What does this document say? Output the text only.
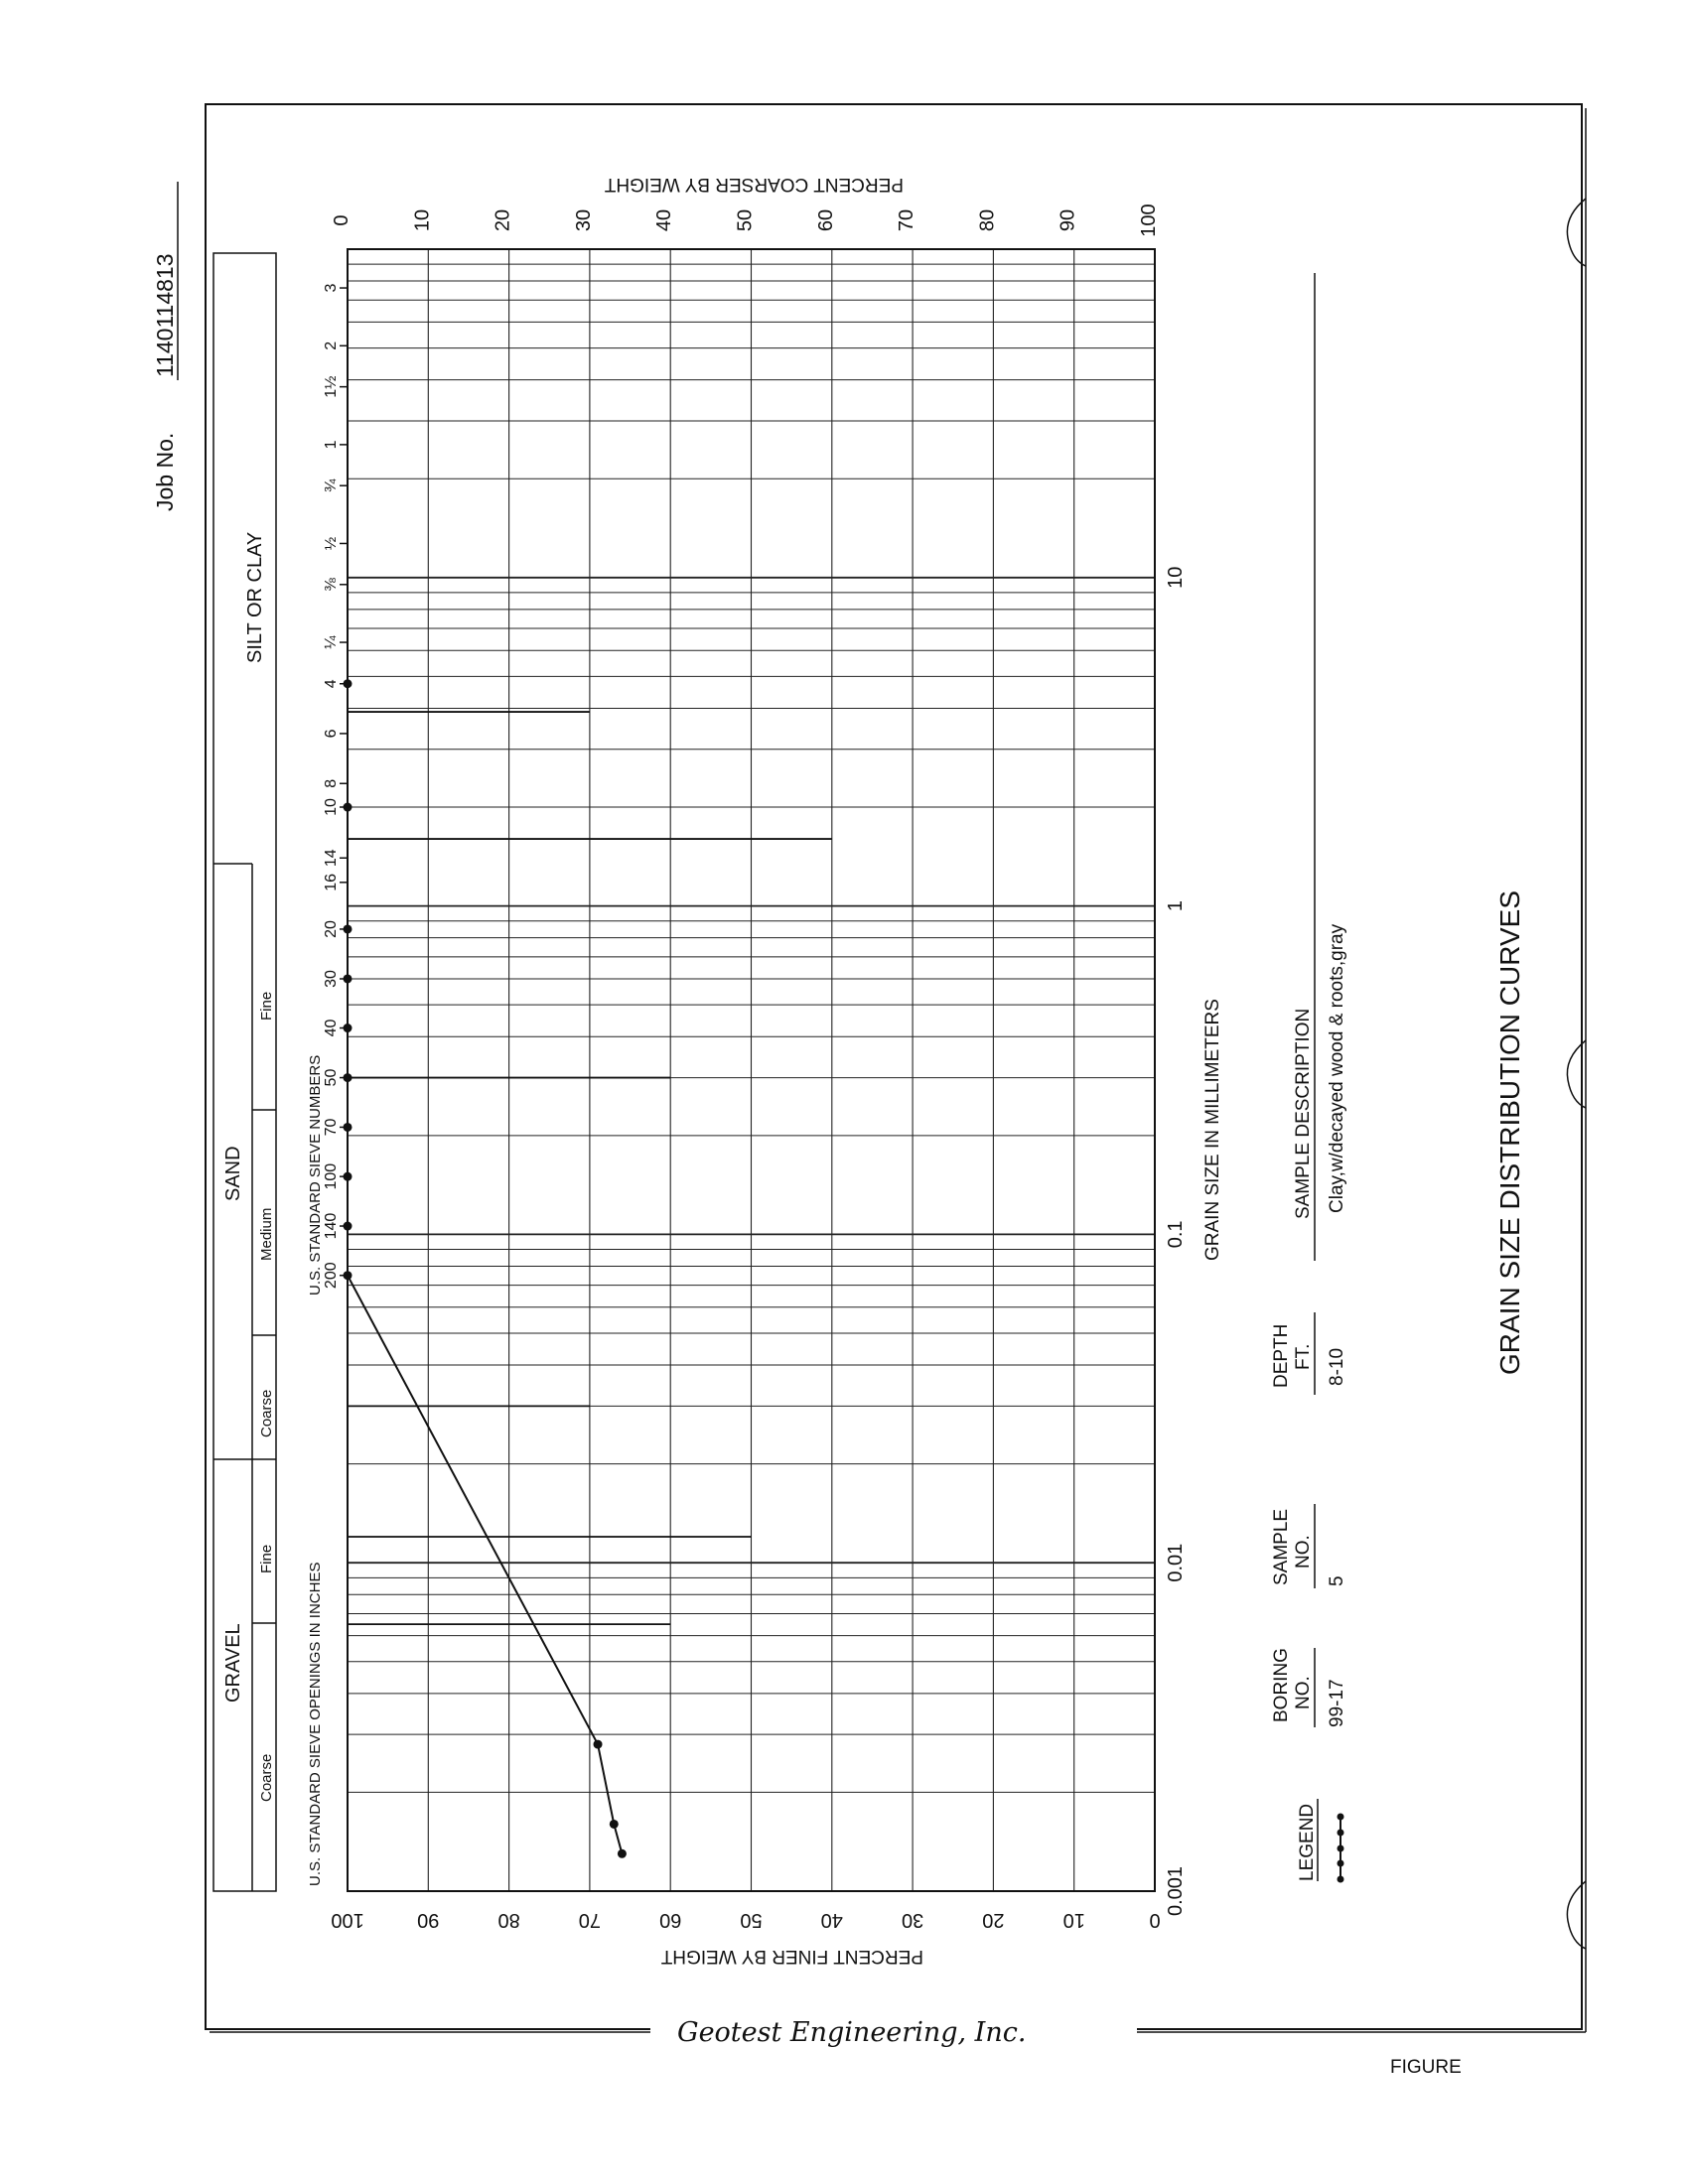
Job No.
1140114813
GRAVEL
Coarse
Fine
SAND
Coarse
Medium
Fine
SILT OR CLAY
U.S. STANDARD SIEVE OPENINGS IN INCHES
U.S. STANDARD SIEVE NUMBERS
100	90	80	70	60	50	40	30	20	10	0
0	10	20	30	40	50	60	70	80	90	100
10
1
0.1
0.01
0.001
3
2
1½
1
¾
½
⅜
¼
4
6
8
10
14
16
20
30
40
50
70
100
140
200
GRAIN SIZE IN MILLIMETERS
PERCENT FINER BY WEIGHT
PERCENT COARSER BY WEIGHT
LEGEND
BORING NO. 99-17
SAMPLE NO.
5
DEPTH FT. 8-10
SAMPLE DESCRIPTION Clay,w/decayed wood & roots,gray	GRAIN SIZE DISTRIBUTION CURVES
Geotest Engineering, Inc.
FIGURE
